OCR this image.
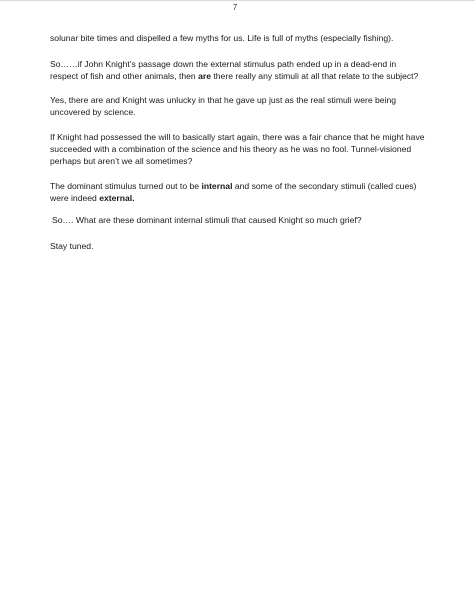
7

solunar bite times and dispelled a few myths for us. Life is full of myths (especially fishing).

So……if John Knight’s passage down the external stimulus path ended up in a dead-end in respect of fish and other animals, then are there really any stimuli at all that relate to the subject?

Yes, there are and Knight was unlucky in that he gave up just as the real stimuli were being uncovered by science.

If Knight had possessed the will to basically start again, there was a fair chance that he might have succeeded with a combination of the science and his theory as he was no fool. Tunnel-visioned perhaps but aren’t we all sometimes?

The dominant stimulus turned out to be internal and some of the secondary stimuli (called cues) were indeed external.

So…. What are these dominant internal stimuli that caused Knight so much grief?

Stay tuned.
